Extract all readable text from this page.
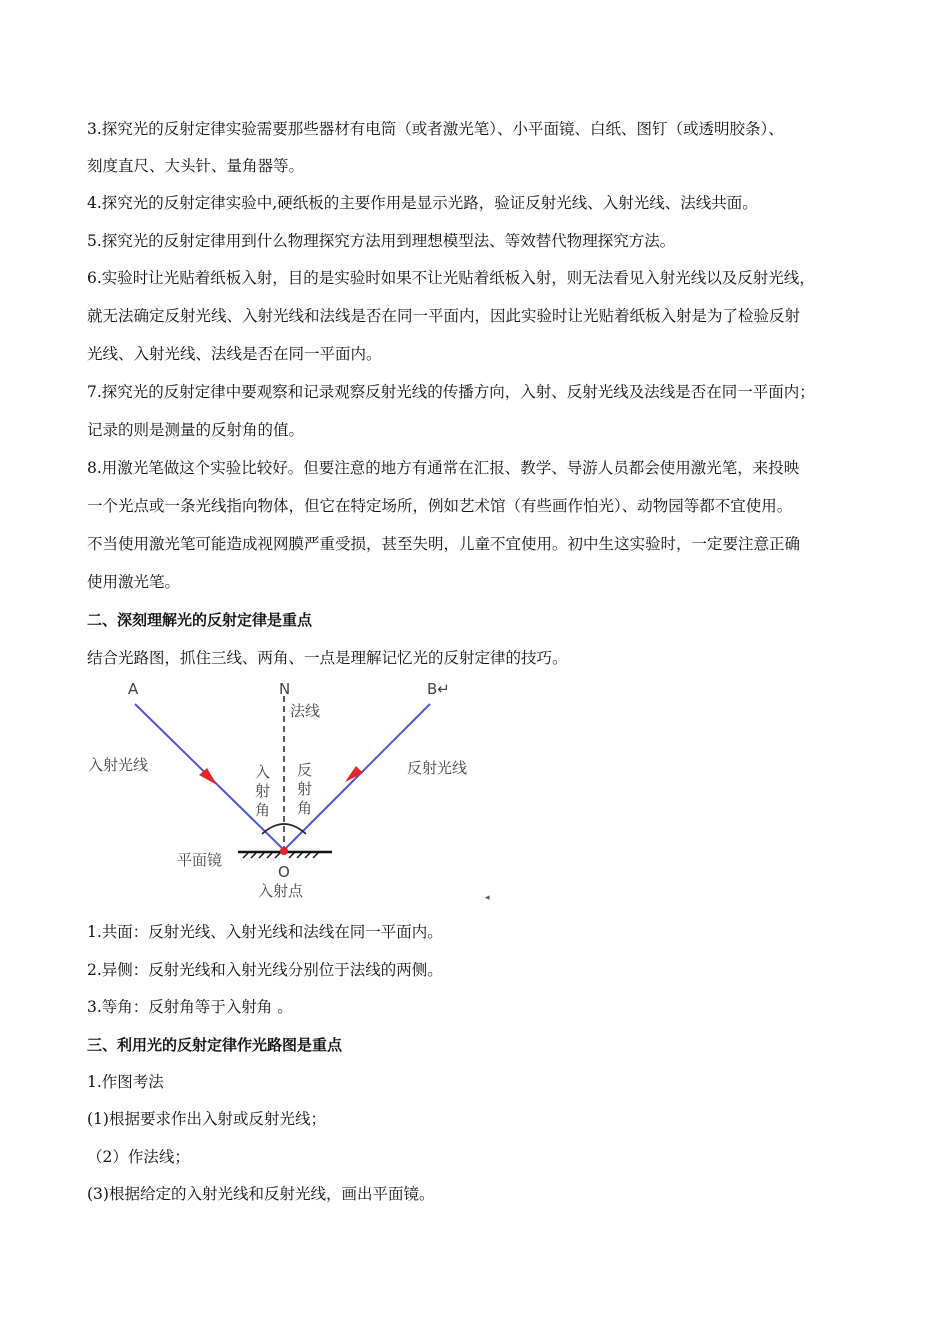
3.探究光的反射定律实验需要那些器材有电筒（或者激光笔）、小平面镜、白纸、图钉（或透明胶条）、
刻度直尺、大头针、量角器等。
4.探究光的反射定律实验中,硬纸板的主要作用是显示光路，验证反射光线、入射光线、法线共面。
5.探究光的反射定律用到什么物理探究方法用到理想模型法、等效替代物理探究方法。
6.实验时让光贴着纸板入射，目的是实验时如果不让光贴着纸板入射，则无法看见入射光线以及反射光线，
就无法确定反射光线、入射光线和法线是否在同一平面内，因此实验时让光贴着纸板入射是为了检验反射
光线、入射光线、法线是否在同一平面内。
7.探究光的反射定律中要观察和记录观察反射光线的传播方向，入射、反射光线及法线是否在同一平面内；
记录的则是测量的反射角的值。
8.用激光笔做这个实验比较好。但要注意的地方有通常在汇报、教学、导游人员都会使用激光笔，来投映
一个光点或一条光线指向物体，但它在特定场所，例如艺术馆（有些画作怕光）、动物园等都不宜使用。
不当使用激光笔可能造成视网膜严重受损，甚至失明，儿童不宜使用。初中生这实验时，一定要注意正确
使用激光笔。
二、深刻理解光的反射定律是重点
结合光路图，抓住三线、两角、一点是理解记忆光的反射定律的技巧。
A	N	B↵
法线
入射光线	反射光线
入
射
角
反
射
角
平面镜
O
入射点	◂
1.共面：反射光线、入射光线和法线在同一平面内。
2.异侧：反射光线和入射光线分别位于法线的两侧。
3.等角：反射角等于入射角 。
三、利用光的反射定律作光路图是重点
1.作图考法
(1)根据要求作出入射或反射光线；
（2）作法线；
(3)根据给定的入射光线和反射光线，画出平面镜。
